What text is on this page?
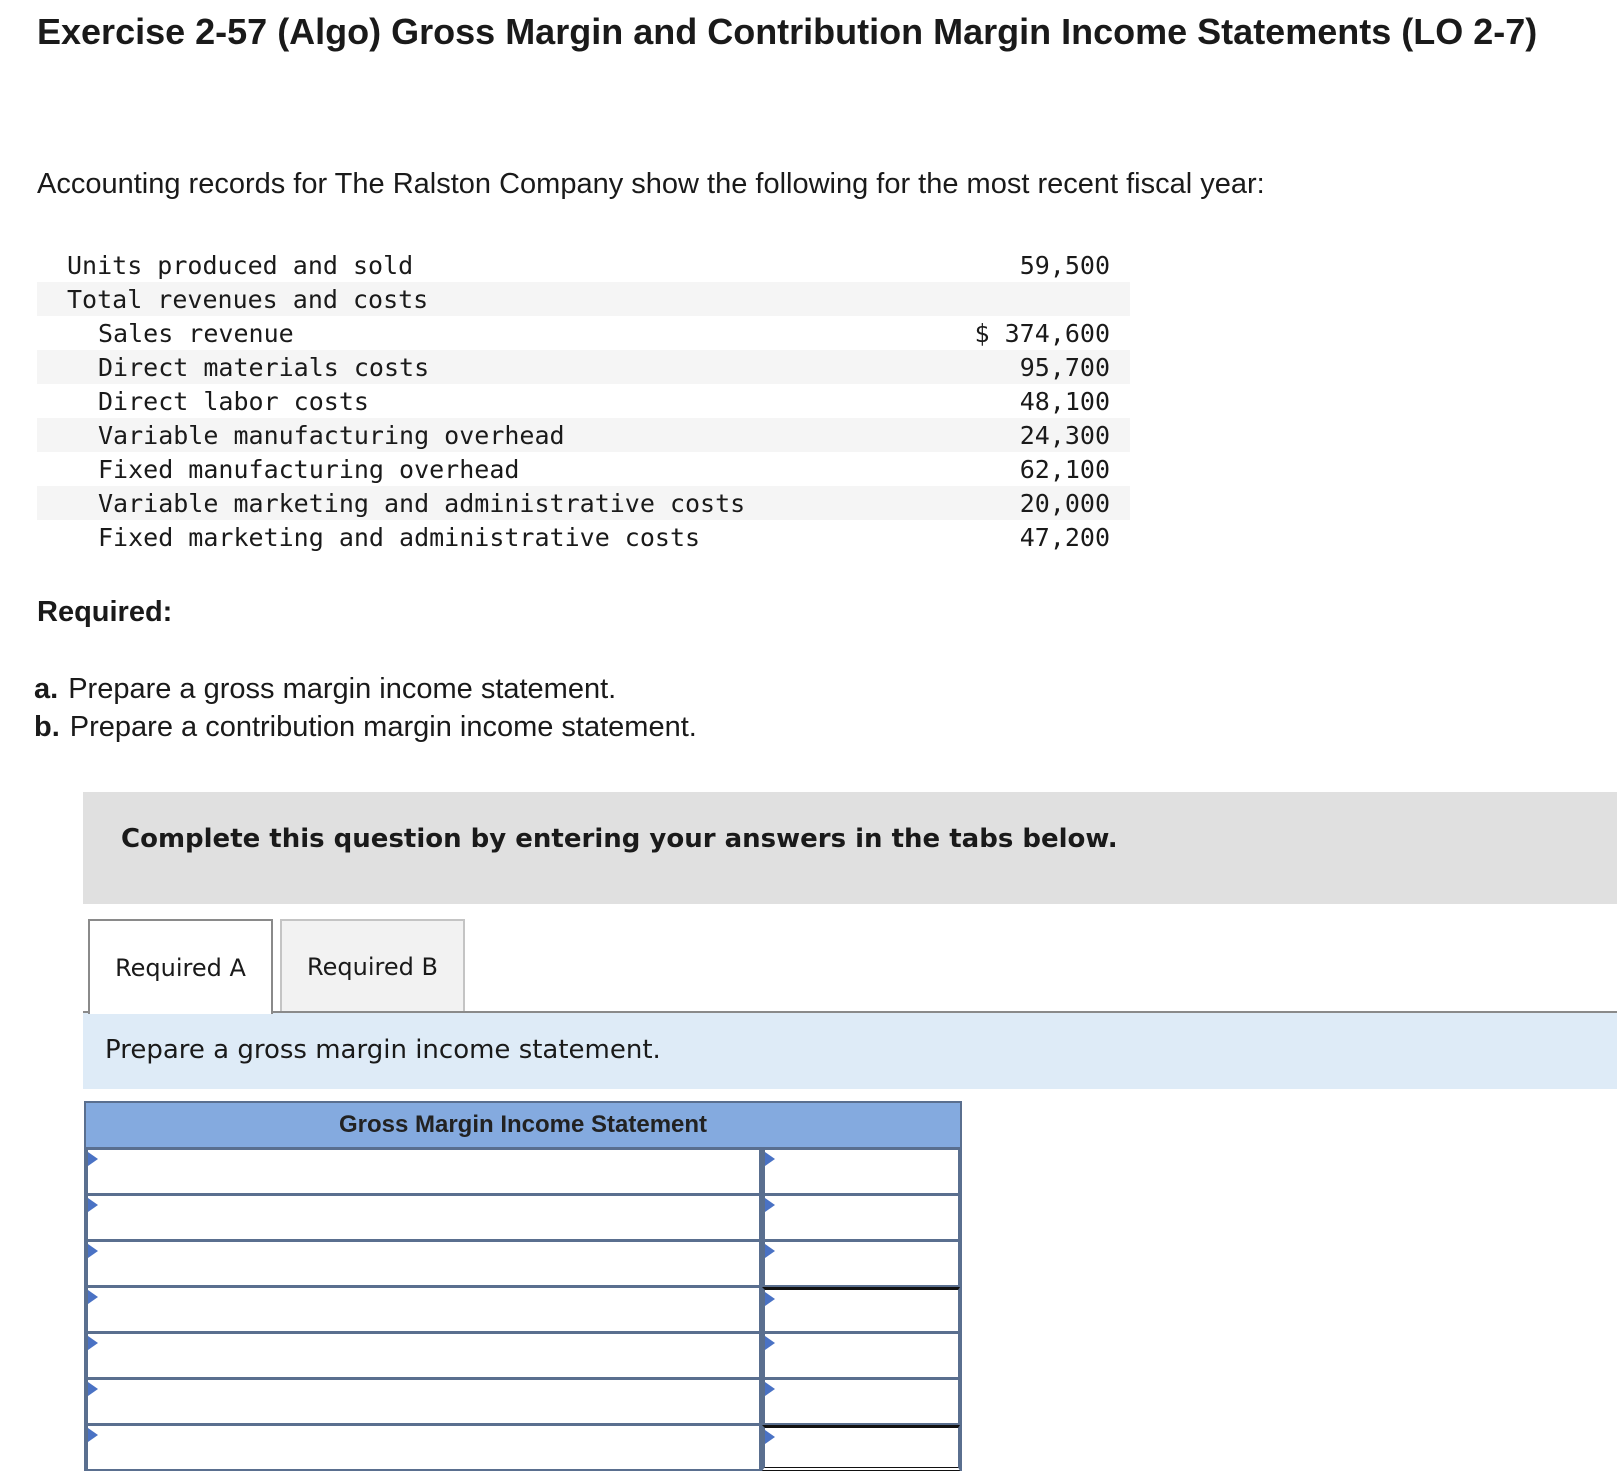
Exercise 2-57 (Algo) Gross Margin and Contribution Margin Income Statements (LO 2-7)

Accounting records for The Ralston Company show the following for the most recent fiscal year:

Units produced and sold	59,500
Total revenues and costs	
Sales revenue	$ 374,600
Direct materials costs	95,700
Direct labor costs	48,100
Variable manufacturing overhead	24,300
Fixed manufacturing overhead	62,100
Variable marketing and administrative costs	20,000
Fixed marketing and administrative costs	47,200

Required:

a. Prepare a gross margin income statement.
b. Prepare a contribution margin income statement.

Complete this question by entering your answers in the tabs below.

Required A	Required B

Prepare a gross margin income statement.

Gross Margin Income Statement
